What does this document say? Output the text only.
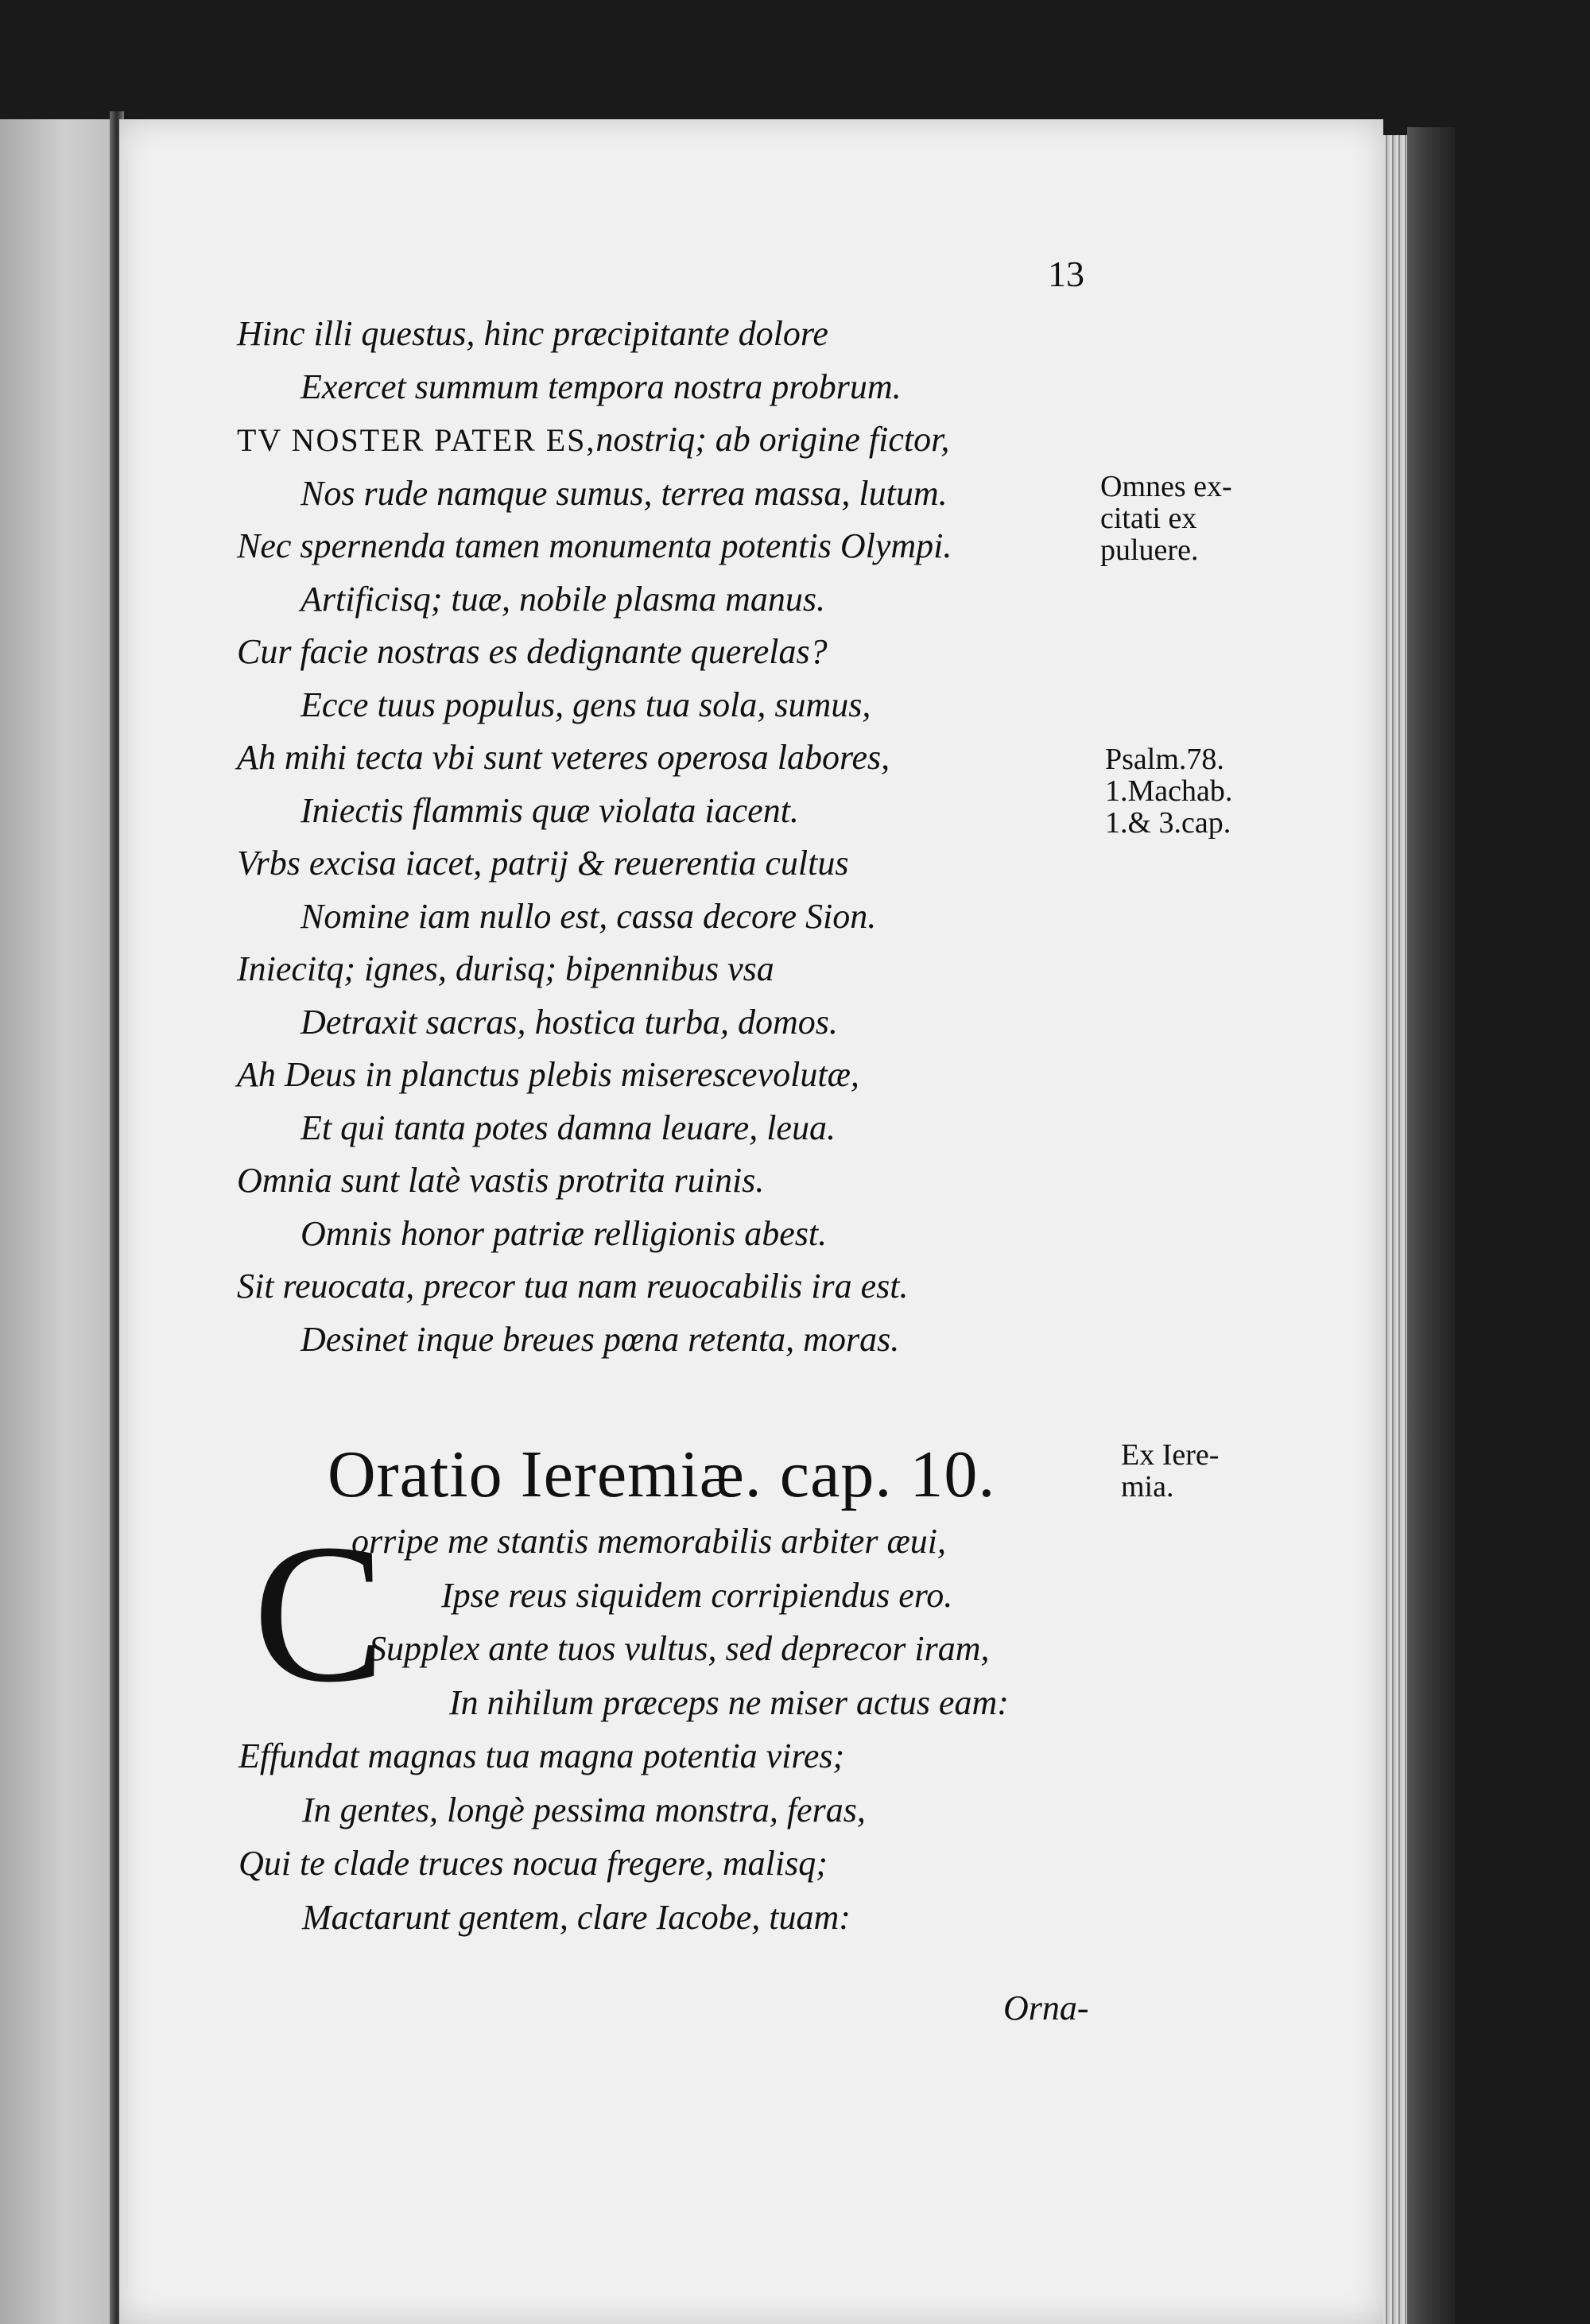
13
Hinc illi questus, hinc præcipitante dolore
Exercet summum tempora nostra probrum.
TV NOSTER PATER ES,nostriq; ab origine fictor,
Nos rude namque sumus, terrea massa, lutum.
Nec spernenda tamen monumenta potentis Olympi.
Artificisq; tuæ, nobile plasma manus.
Cur facie nostras es dedignante querelas?
Ecce tuus populus, gens tua sola, sumus,
Ah mihi tecta vbi sunt veteres operosa labores,
Iniectis flammis quæ violata iacent.
Vrbs excisa iacet, patrij & reuerentia cultus
Nomine iam nullo est, cassa decore Sion.
Iniecitq; ignes, durisq; bipennibus vsa
Detraxit sacras, hostica turba, domos.
Ah Deus in planctus plebis miserescevolutæ,
Et qui tanta potes damna leuare, leua.
Omnia sunt latè vastis protrita ruinis.
Omnis honor patriæ relligionis abest.
Sit reuocata, precor tua nam reuocabilis ira est.
Desinet inque breues pœna retenta, moras.
Omnes ex-
citati ex
puluere.
Psalm.78.
1.Machab.
1.& 3.cap.
Ex Iere-
mia.
Oratio Ieremiæ. cap. 10.
C
orripe me stantis memorabilis arbiter æui,
Ipse reus siquidem corripiendus ero.
Supplex ante tuos vultus, sed deprecor iram,
In nihilum præceps ne miser actus eam:
Effundat magnas tua magna potentia vires;
In gentes, longè pessima monstra, feras,
Qui te clade truces nocua fregere, malisq;
Mactarunt gentem, clare Iacobe, tuam:
Orna-
